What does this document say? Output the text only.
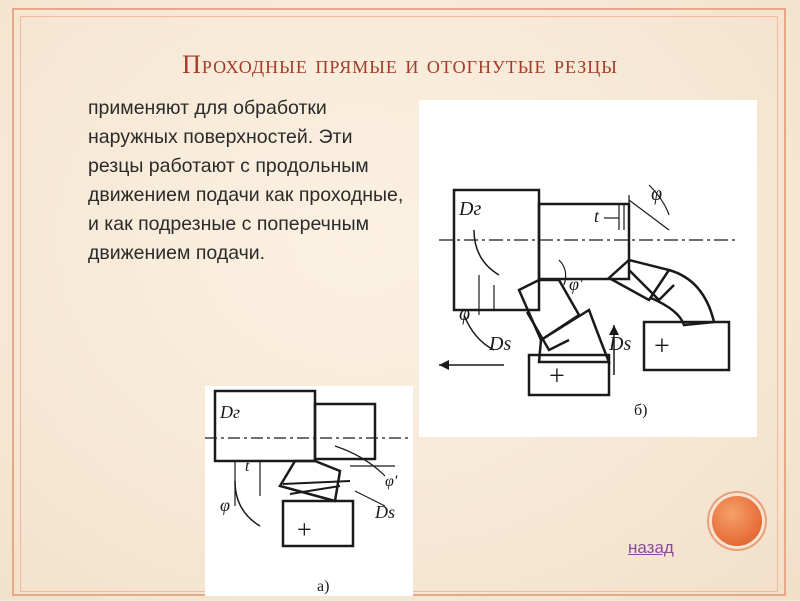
Проходные прямые и отогнутые резцы
применяют для обработки наружных поверхностей. Эти резцы работают с продольным движением подачи как проходные, и как подрезные с поперечным движением подачи.
Dг	t
φ
φ'
φ
Ds	Ds
+
+
б)
Dг
t
φ
φ'
Ds
+
а)
назад
